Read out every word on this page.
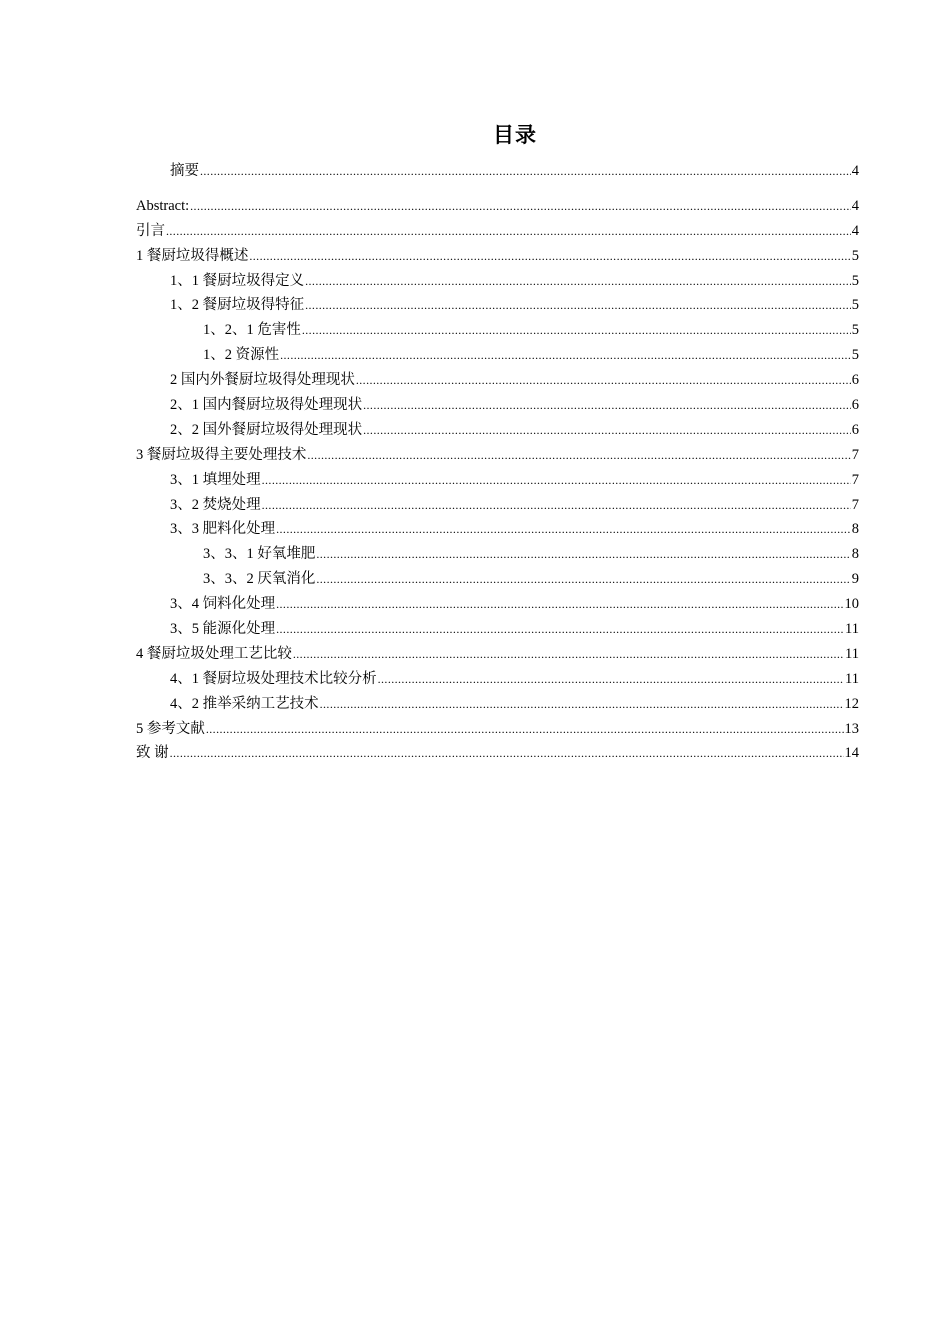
目录
摘要 .....	4
Abstract: .....	4
引言 .....	4
1 餐厨垃圾得概述 .....	5
1、1 餐厨垃圾得定义 .....	5
1、2 餐厨垃圾得特征 .....	5
1、2、1 危害性 .....	5
1、2 资源性 .....	5
2 国内外餐厨垃圾得处理现状 .....	6
2、1 国内餐厨垃圾得处理现状 .....	6
2、2 国外餐厨垃圾得处理现状 .....	6
3 餐厨垃圾得主要处理技术 .....	7
3、1 填埋处理 .....	7
3、2 焚烧处理 .....	7
3、3 肥料化处理 .....	8
3、3、1 好氧堆肥 .....	8
3、3、2 厌氧消化 .....	9
3、4 饲料化处理 .....	10
3、5 能源化处理 .....	11
4 餐厨垃圾处理工艺比较 .....	11
4、1 餐厨垃圾处理技术比较分析 .....	11
4、2 推举采纳工艺技术 .....	12
5 参考文献 .....	13
致 谢 .....	14
